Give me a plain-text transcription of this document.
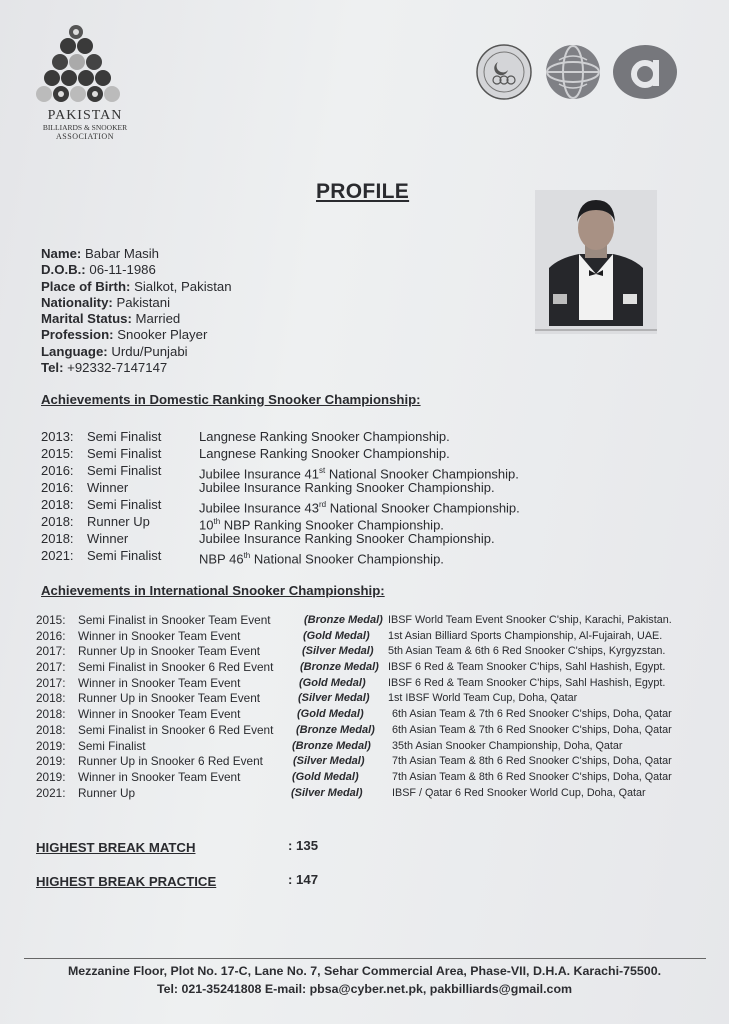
PAKISTAN
BILLIARDS & SNOOKER
ASSOCIATION
PROFILE
Name: Babar Masih
D.O.B.: 06-11-1986
Place of Birth: Sialkot, Pakistan
Nationality: Pakistani
Marital Status: Married
Profession: Snooker Player
Language: Urdu/Punjabi
Tel: +92332-7147147
Achievements in Domestic Ranking Snooker Championship:
2013: Semi Finalist	Langnese Ranking Snooker Championship.
2015: Semi Finalist	Langnese Ranking Snooker Championship.
2016: Semi Finalist	Jubilee Insurance 41st National Snooker Championship.
2016: Winner	Jubilee Insurance Ranking Snooker Championship.
2018: Semi Finalist	Jubilee Insurance 43rd National Snooker Championship.
2018: Runner Up	10th NBP Ranking Snooker Championship.
2018: Winner	Jubilee Insurance Ranking Snooker Championship.
2021: Semi Finalist	NBP 46th National Snooker Championship.
Achievements in International Snooker Championship:
2015: Semi Finalist in Snooker Team Event	(Bronze Medal) IBSF World Team Event Snooker C'ship, Karachi, Pakistan.
2016: Winner in Snooker Team Event	(Gold Medal) 1st Asian Billiard Sports Championship, Al-Fujairah, UAE.
2017: Runner Up in Snooker Team Event	(Silver Medal) 5th Asian Team & 6th 6 Red Snooker C'ships, Kyrgyzstan.
2017: Semi Finalist in Snooker 6 Red Event (Bronze Medal) IBSF 6 Red & Team Snooker C'hips, Sahl Hashish, Egypt.
2017: Winner in Snooker Team Event	(Gold Medal) IBSF 6 Red & Team Snooker C'hips, Sahl Hashish, Egypt.
2018: Runner Up in Snooker Team Event	(Silver Medal) 1st IBSF World Team Cup, Doha, Qatar
2018: Winner in Snooker Team Event	(Gold Medal)	6th Asian Team & 7th 6 Red Snooker C'ships, Doha, Qatar
2018: Semi Finalist in Snooker 6 Red Event (Bronze Medal) 6th Asian Team & 7th 6 Red Snooker C'ships, Doha, Qatar
2019: Semi Finalist	(Bronze Medal) 35th Asian Snooker Championship, Doha, Qatar
2019: Runner Up in Snooker 6 Red Event	(Silver Medal)	7th Asian Team & 8th 6 Red Snooker C'ships, Doha, Qatar
2019: Winner in Snooker Team Event	(Gold Medal)	7th Asian Team & 8th 6 Red Snooker C'ships, Doha, Qatar
2021: Runner Up	(Silver Medal)	IBSF / Qatar 6 Red Snooker World Cup, Doha, Qatar
HIGHEST BREAK MATCH	: 135
HIGHEST BREAK PRACTICE	: 147
Mezzanine Floor, Plot No. 17-C, Lane No. 7, Sehar Commercial Area, Phase-VII, D.H.A. Karachi-75500.
Tel: 021-35241808 E-mail: pbsa@cyber.net.pk, pakbilliards@gmail.com
